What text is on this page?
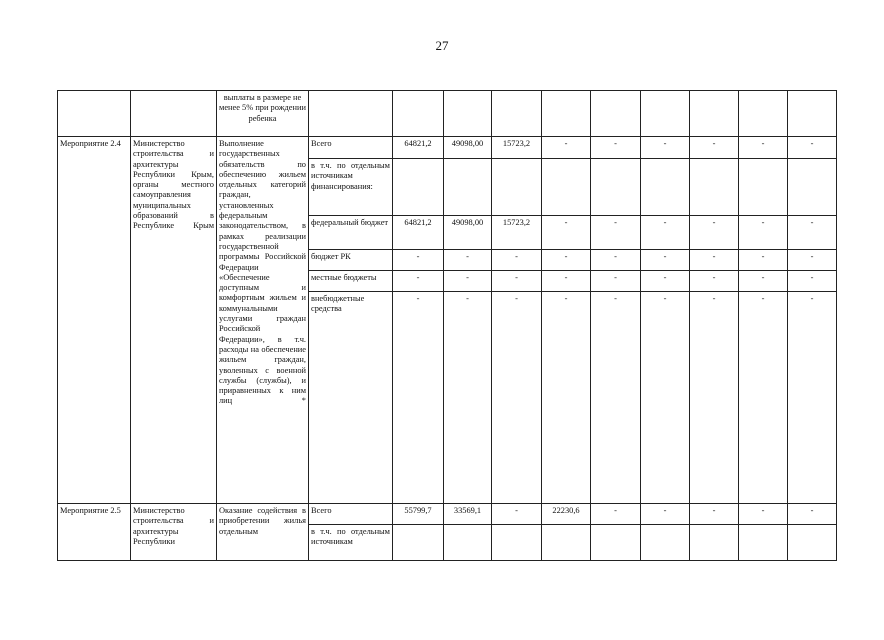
27
		выплаты в размере не менее 5% при рождении ребенка										
Мероприятие 2.4	Министерство строительства и архитектуры Республики Крым, органы местного самоуправления муниципальных образований в Республике Крым	Выполнение государственных обязательств по обеспечению жильем отдельных категорий граждан, установленных федеральным законодательством, в рамках реализации государственной программы Российской Федерации «Обеспечение доступным и комфортным жильем и коммунальными услугами граждан Российской Федерации», в т.ч. расходы на обеспечение жильем граждан, уволенных с военной службы (службы), и приравненных к ним лиц *	Всего	64821,2	49098,00	15723,2	-	-	-	-	-	-
			в т.ч. по отдельным источникам финансирования:									
			федеральный бюджет	64821,2	49098,00	15723,2	-	-	-	-	-	-
			бюджет РК	-	-	-	-	-	-	-	-	-
			местные бюджеты	-	-	-	-	-	-	-	-	-
			внебюджетные средства	-	-	-	-	-	-	-	-	-
Мероприятие 2.5	Министерство строительства и архитектуры Республики	Оказание содействия в приобретении жилья отдельным	Всего	55799,7	33569,1	-	22230,6	-	-	-	-	-
			в т.ч. по отдельным источникам									
